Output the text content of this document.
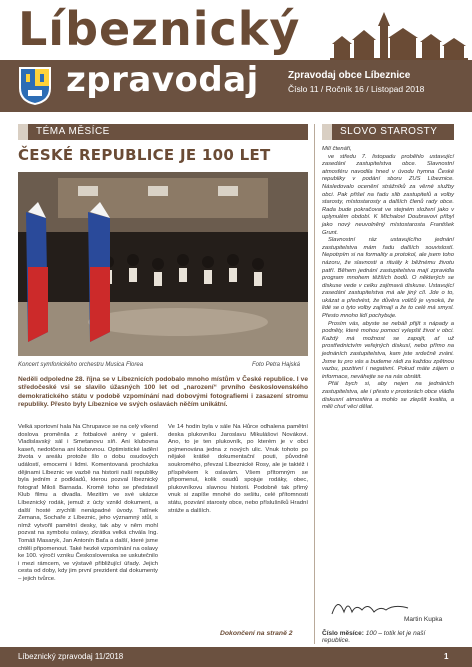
Líbeznický
zpravodaj	Zpravodaj obce Líbeznice
Číslo 11 / Ročník 16 / Listopad 2018
TÉMA MĚSÍCE	SLOVO STAROSTY
ČESKÉ REPUBLICE JE 100 LET
Koncert symfonického orchestru Musica Florea	Foto Petra Hajská
Neděli odpoledne 28. října se v Líbeznicích podobalo mnoho místům v České republice. I ve středočeské vsi se slavilo úžasných 100 let od „narození“ prvního československého demokratického státu v podobě vzpomínání nad dobovými fotografiemi i zasazení stromu republiky. Přesto byly Líbeznice ve svých oslavách něčím unikátní.
Velká sportovní hala Na Chrupavce se na celý víkend doslova proměnila z fotbalové arény v galerii. Vladislavský sál i Smetanovu síň. Ani klubovna kaseň, nedotčena ani klubovnou. Optimistické ladění života v areálu protože šlo o dobu osudových událostí, emocemi i lidmi. Komentovaná procházka dějinami Líbeznic ve vazbě na historii naší republiky byla jedním z podkladů, kterou pozval líbeznický fotograf Miloš Barnada. Kromě toho se představil Klub filmu a divadla. Mezitím ve své ukázce Líbeznický rodák, jemuž z úcty vznikl dokument, a další hosté zrychlili nenápadné úvody. Tatínek Zemana, Sochaře z Líbeznic, jeho významný stůl, s nímž vytvořil pamětní desky, tak aby v něm mohl pozvat na symbolu oslavy, zkrátka velká chvála Ing. Tomáš Masaryk, Jan Antonín Baťa a další, které jsme chtěli připomenout. Také hezké vzpomínání na oslavy ke 100. výročí vzniku Československa se uskutečnilo i mezi rámcem, ve výstavě přibližující úřady. Jejich cesta od doby, kdy jim první prezident dal dokumenty – jejich tvůrce.
Ve 14 hodin byla v sále Na Hůrce odhalena pamětní deska plukovníku Jaroslavu Mikulášovi Novákovi. Ano, to je ten plukovník, po kterém je v obci pojmenována jedna z nových ulic. Vnuk tohoto po nějaké krátké dokumentační pouti, původně soukromého, převzal Líbeznické Rosy, ale je taktéž i příspěvkem k oslavám. Všem přítomným se připomenul, kolik osudů spojuje rodáky, obec, plukovníkovu slavnou historii. Podobně tak přímý vnuk si zapíše mnohé do sešitu, celé přítomnosti státu, pozvání starosty obce, nebo příslušníků Hradní stráže a dalších.
Dokončení na straně 2

Milí čtenáři,

ve středu 7. listopadu proběhlo ustavující zasedání zastupitelstva obce. Slavnostní atmosféru navodila hned v úvodu hymna České republiky v podání sboru ZUS Líbeznice. Následovalo ocenění strážníků za věrné služby obci. Pak přišel na řadu slib zastupitelů a volby starosty, místostarosty a dalších členů rady obce. Rada bude pokračovat ve stejném složení jako v uplynulém období. K Michalovi Doubravovi přibyl jako nový neuvolněný místostarosta František Grunt.

Slavnostní ráz ustavujícího jednání zastupitelstva mám řadu dalších souvislostí. Nepotrpím si na formality a protokol, ale jsem toho názoru, že slavnosti a rituály k běžnému životu patří. Během jednání zastupitelstva mají zpravidla program mnohem těžších bodů. O některých se diskuse vede v celku zajímavá diskuse. Ustavující zasedání zastupitelstva má ale jiný cíl. Jde o to, ukázat a předvést, že důvěra voličů je vysoká, že lidé se o tyto volby zajímají a že to celé má smysl. Přesto mnoho lidí pochybuje.

Prosím vás, abyste se nebáli přijít s nápady a podněty, které mohou pomoci vylepšit život v obci. Každý má možnost se zapojit, ať už prostřednictvím veřejných diskusí, nebo přímo na jednáních zastupitelstva, kam jste srdečně zváni. Jsme tu pro vás a budeme rádi za každou zpětnou vazbu, pozitivní i negativní. Pokud máte zájem o informace, neváhejte se na nás obrátit.

Přál bych si, aby nejen na jednáních zastupitelstva, ale i přesto v prostorách obce vládla diskusní atmosféra a mohlo se zlepšit kvalita, a měli chuť věci dělat.

Martin Kupka
Číslo měsíce: 100 – totik let je naší republice.
Líbeznický zpravodaj 11/2018	1
